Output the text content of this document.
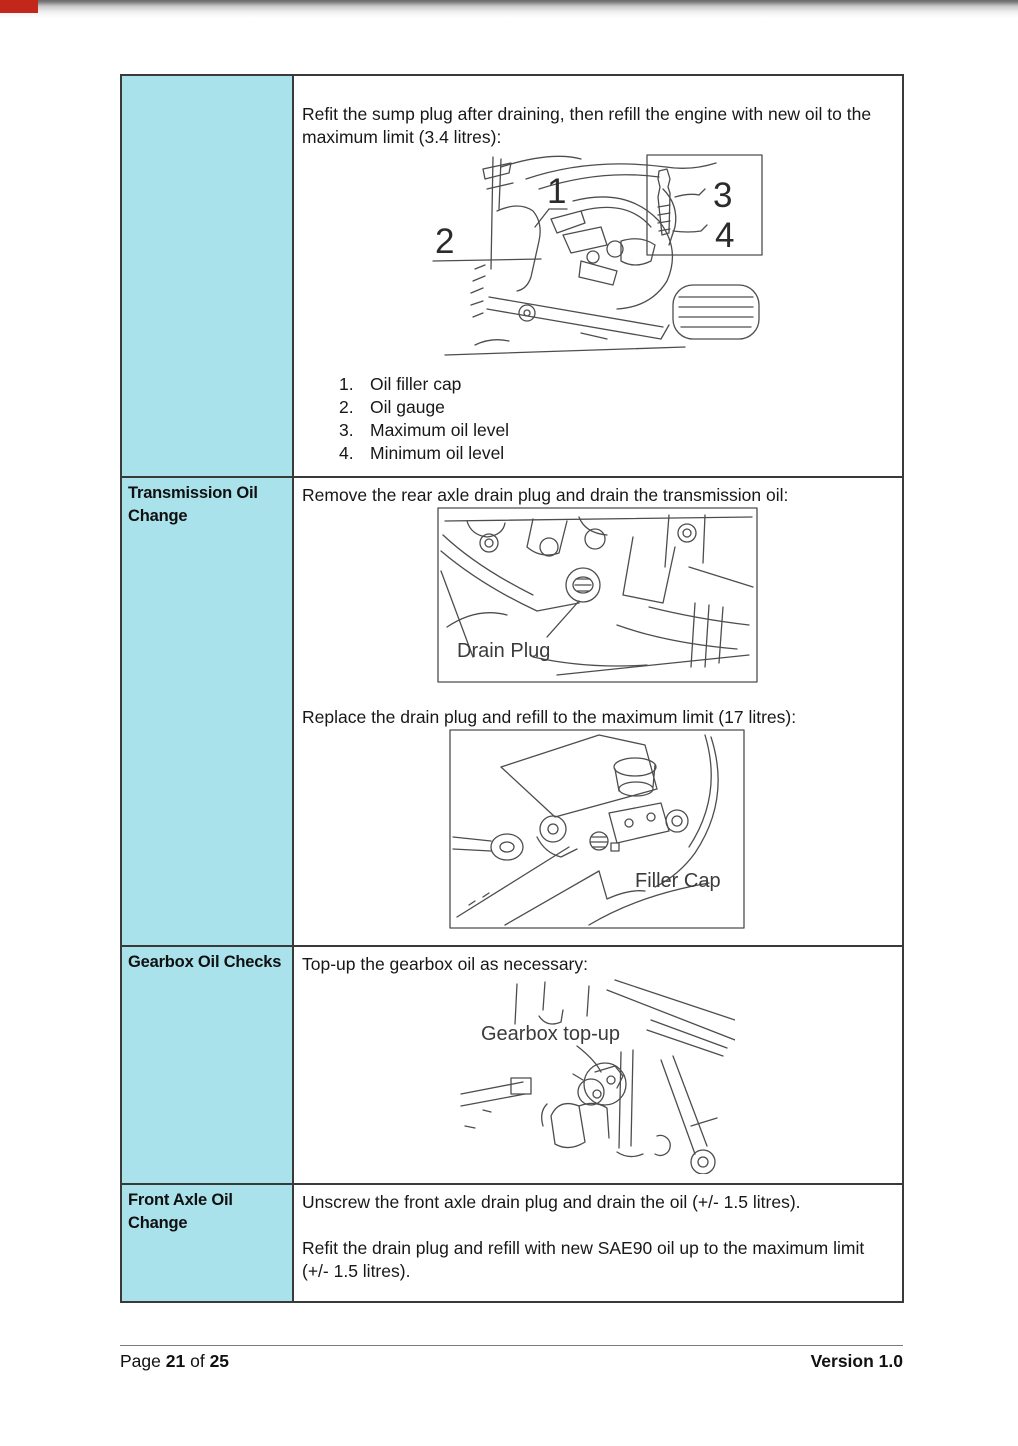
Refit the sump plug after draining, then refill the engine with new oil to the maximum limit (3.4 litres):

1
2
3
4
1. Oil filler cap
2. Oil gauge
3. Maximum oil level
4. Minimum oil level
Transmission Oil Change

Remove the rear axle drain plug and drain the transmission oil:

Drain Plug

Replace the drain plug and refill to the maximum limit (17 litres):

Filler Cap
Gearbox Oil Checks	Top-up the gearbox oil as necessary:

Gearbox top-up
Front Axle Oil Change

Unscrew the front axle drain plug and drain the oil (+/- 1.5 litres).

Refit the drain plug and refill with new SAE90 oil up to the maximum limit (+/- 1.5 litres).

Page 21 of 25	Version 1.0
